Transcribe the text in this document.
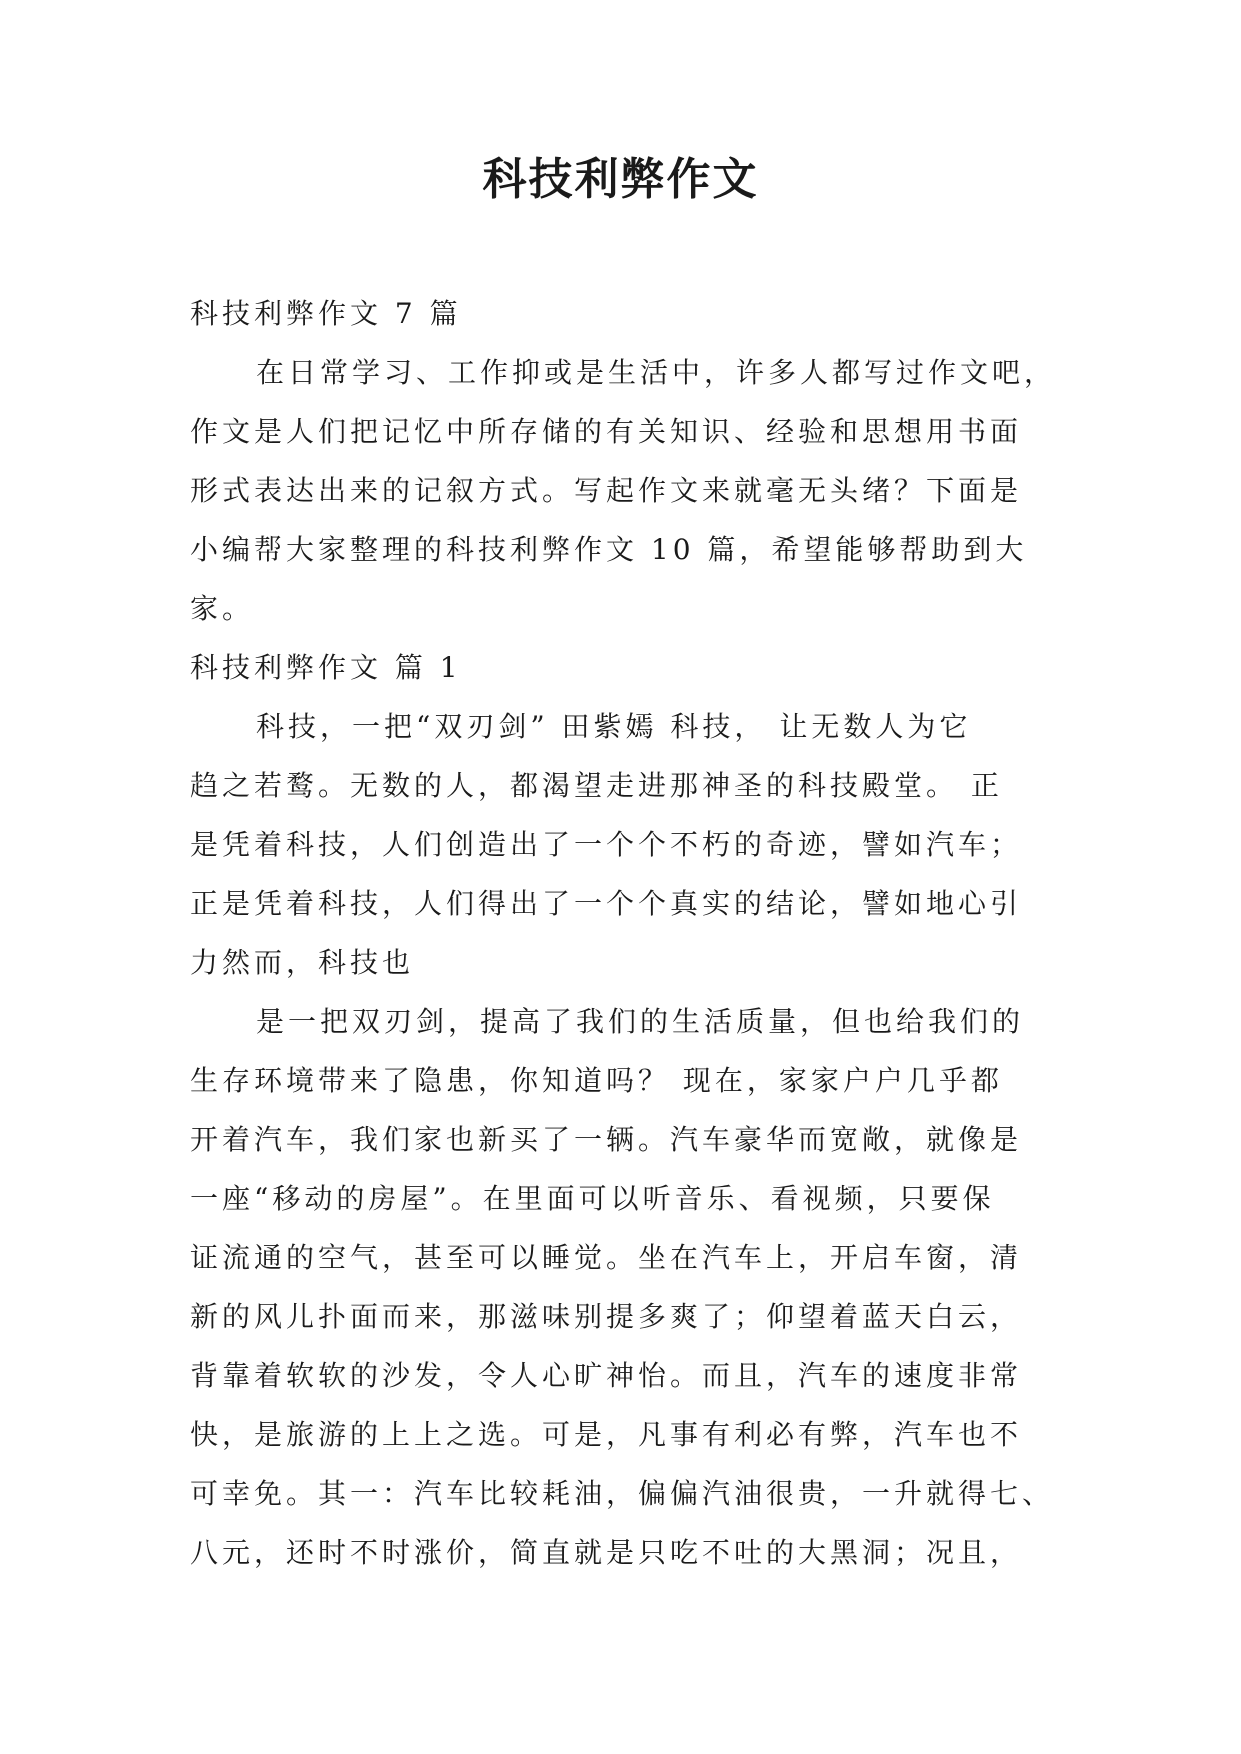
科技利弊作文
科技利弊作文 7 篇
在日常学习、工作抑或是生活中，许多人都写过作文吧，
作文是人们把记忆中所存储的有关知识、经验和思想用书面
形式表达出来的记叙方式。写起作文来就毫无头绪？下面是
小编帮大家整理的科技利弊作文 10 篇，希望能够帮助到大
家。
科技利弊作文 篇 1
科技，一把“双刃剑” 田紫嫣 科技， 让无数人为它
趋之若鹜。无数的人，都渴望走进那神圣的科技殿堂。 正
是凭着科技，人们创造出了一个个不朽的奇迹，譬如汽车；
正是凭着科技，人们得出了一个个真实的结论，譬如地心引
力然而，科技也
是一把双刃剑，提高了我们的生活质量，但也给我们的
生存环境带来了隐患，你知道吗？ 现在，家家户户几乎都
开着汽车，我们家也新买了一辆。汽车豪华而宽敞，就像是
一座“移动的房屋”。在里面可以听音乐、看视频，只要保
证流通的空气，甚至可以睡觉。坐在汽车上，开启车窗，清
新的风儿扑面而来，那滋味别提多爽了；仰望着蓝天白云，
背靠着软软的沙发，令人心旷神怡。而且，汽车的速度非常
快，是旅游的上上之选。可是，凡事有利必有弊，汽车也不
可幸免。其一：汽车比较耗油，偏偏汽油很贵，一升就得七、
八元，还时不时涨价，简直就是只吃不吐的大黑洞；况且，
